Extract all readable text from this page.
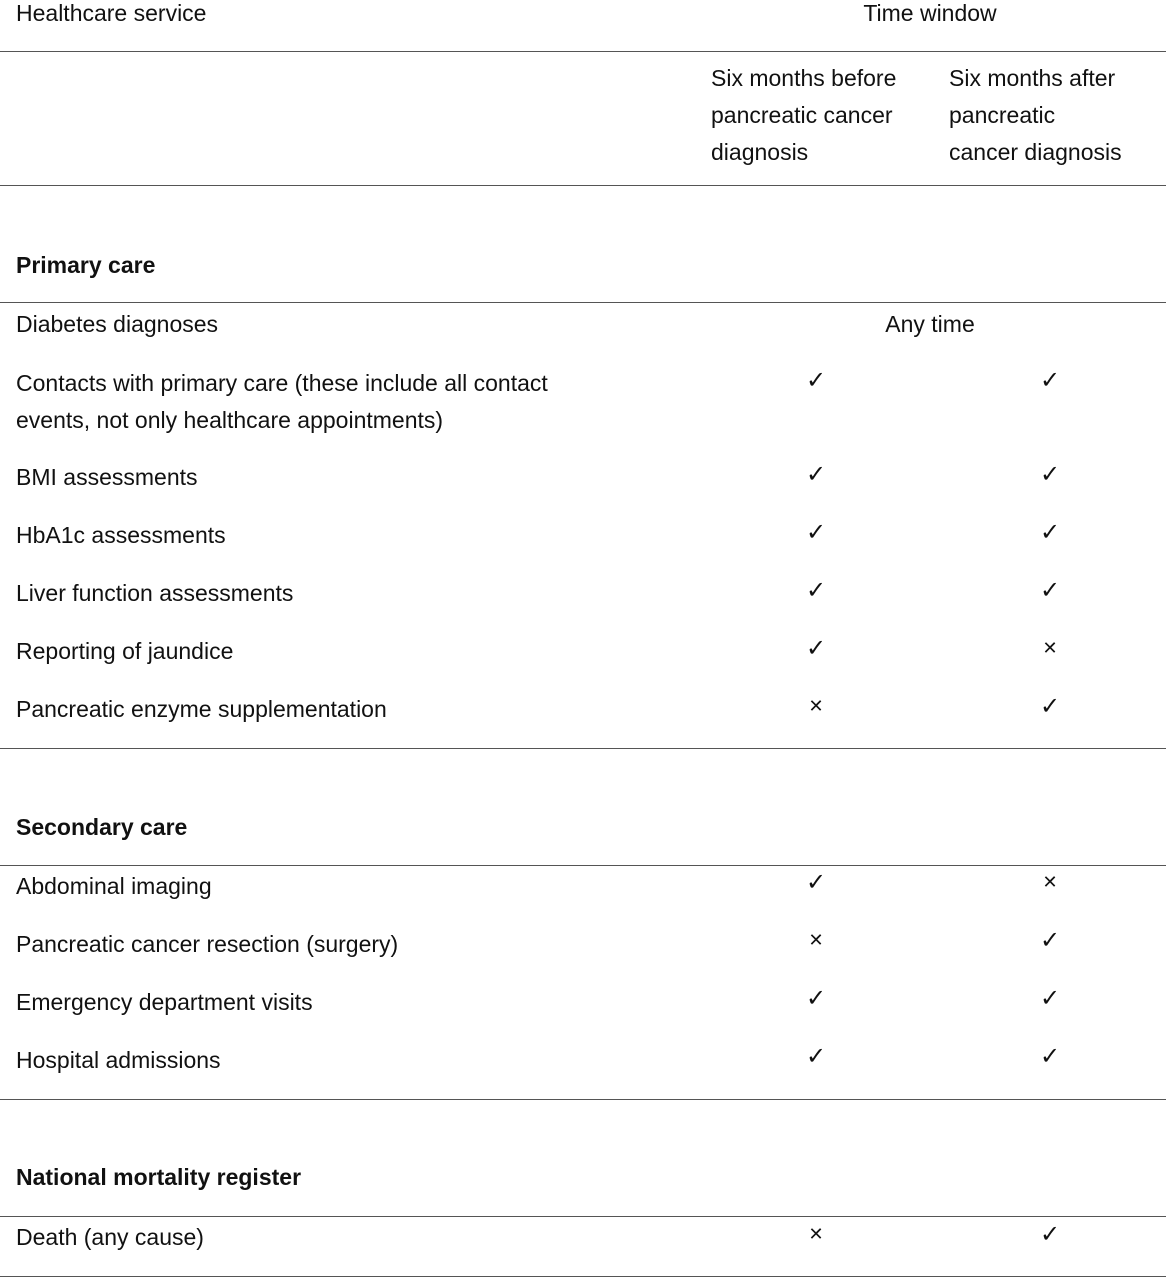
Healthcare service	Time window
Six months before
pancreatic cancer
diagnosis
Six months after
pancreatic
cancer diagnosis
Primary care
Diabetes diagnoses	Any time
Contacts with primary care (these include all contact
events, not only healthcare appointments)
✓	✓
BMI assessments	✓	✓
HbA1c assessments	✓	✓
Liver function assessments	✓	✓
Reporting of jaundice	✓	✕
Pancreatic enzyme supplementation	✕	✓
Secondary care
Abdominal imaging	✓	✕
Pancreatic cancer resection (surgery)	✕	✓
Emergency department visits	✓	✓
Hospital admissions	✓	✓
National mortality register
Death (any cause)	✕	✓
